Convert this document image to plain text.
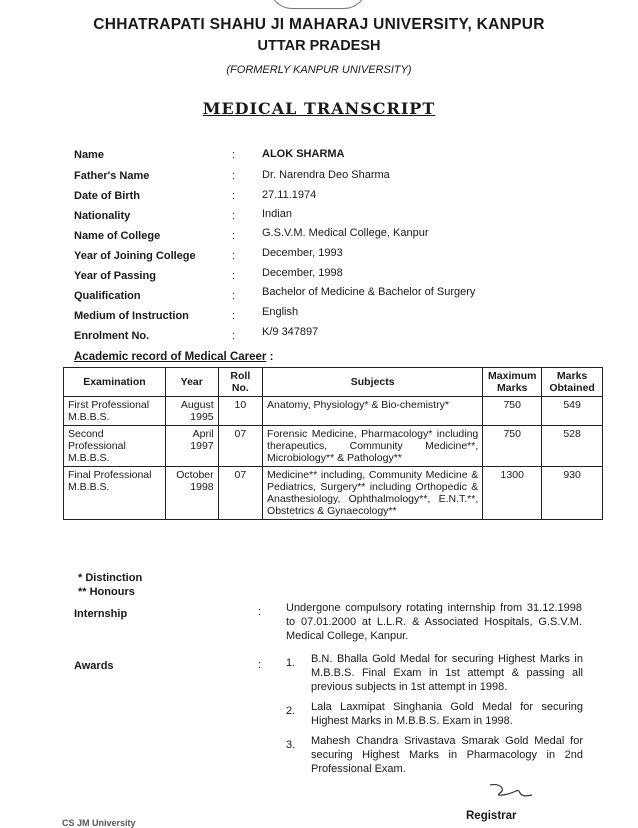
CHHATRAPATI SHAHU JI MAHARAJ UNIVERSITY, KANPUR
UTTAR PRADESH
(FORMERLY KANPUR UNIVERSITY)
MEDICAL TRANSCRIPT
Name	: ALOK SHARMA
Father's Name	: Dr. Narendra Deo Sharma
Date of Birth	: 27.11.1974
Nationality	: Indian
Name of College	: G.S.V.M. Medical College, Kanpur
Year of Joining College	: December, 1993
Year of Passing	: December, 1998
Qualification	: Bachelor of Medicine & Bachelor of Surgery
Medium of Instruction	: English
Enrolment No.	: K/9 347897
Academic record of Medical Career :
Examination	Year	Roll No.	Subjects	Maximum Marks	Marks Obtained
First Professional M.B.B.S.	August 1995	10	Anatomy, Physiology* & Bio-chemistry*	750	549
Second Professional M.B.B.S.	April 1997	07	Forensic Medicine, Pharmacology* including therapeutics, Community Medicine**, Microbiology** & Pathology**	750	528
Final Professional M.B.B.S.	October 1998	07	Medicine** including, Community Medicine & Pediatrics, Surgery** including Orthopedic & Anasthesiology, Ophthalmology**, E.N.T.**, Obstetrics & Gynaecology**	1300	930
* Distinction
** Honours
Internship	: Undergone compulsory rotating internship from 31.12.1998 to 07.01.2000 at L.L.R. & Associated Hospitals, G.S.V.M. Medical College, Kanpur.
Awards	: 1. B.N. Bhalla Gold Medal for securing Highest Marks in M.B.B.S. Final Exam in 1st attempt & passing all previous subjects in 1st attempt in 1998.
2. Lala Laxmipat Singhania Gold Medal for securing Highest Marks in M.B.B.S. Exam in 1998.
3. Mahesh Chandra Srivastava Smarak Gold Medal for securing Highest Marks in Pharmacology in 2nd Professional Exam.
Registrar
CS JM University
